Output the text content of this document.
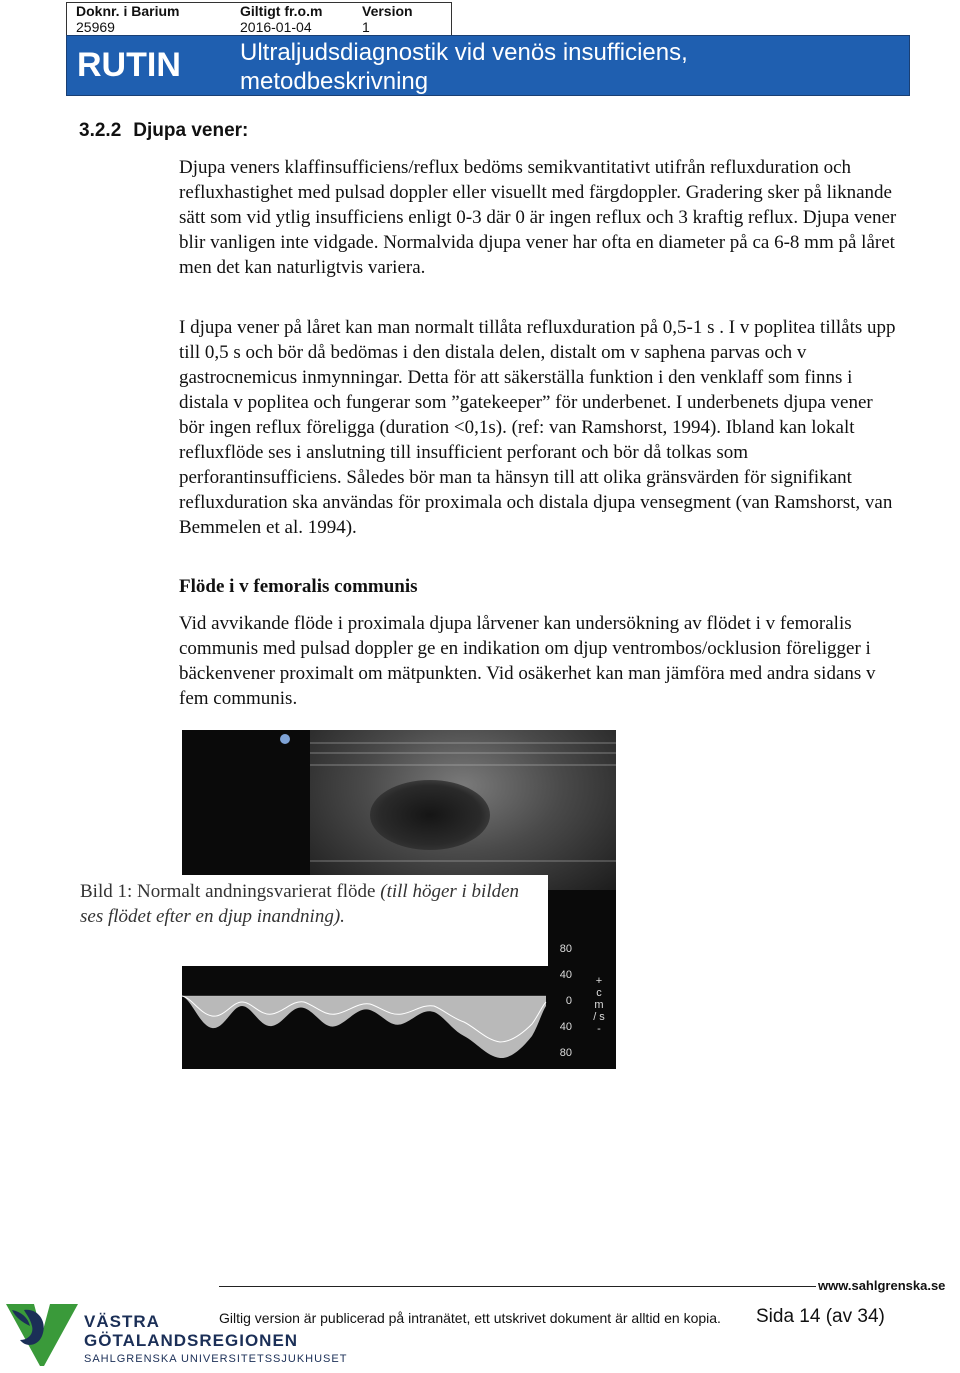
Doknr. i Barium
25969
Giltigt fr.o.m
2016-01-04
Version
1
RUTIN Ultraljudsdiagnostik vid venös insufficiens,
metodbeskrivning
3.2.2 Djupa vener:

Djupa veners klaffinsufficiens/reflux bedöms semikvantitativt utifrån refluxduration och refluxhastighet med pulsad doppler eller visuellt med färgdoppler. Gradering sker på liknande sätt som vid ytlig insufficiens enligt 0-3 där 0 är ingen reflux och 3 kraftig reflux. Djupa vener blir vanligen inte vidgade. Normalvida djupa vener har ofta en diameter på ca 6-8 mm på låret men det kan naturligtvis variera.

I djupa vener på låret kan man normalt tillåta refluxduration på 0,5-1 s . I v poplitea tillåts upp till 0,5 s och bör då bedömas i den distala delen, distalt om v saphena parvas och v gastrocnemicus inmynningar. Detta för att säkerställa funktion i den venklaff som finns i distala v poplitea och fungerar som ”gatekeeper” för underbenet. I underbenets djupa vener bör ingen reflux föreligga (duration <0,1s). (ref: van Ramshorst, 1994). Ibland kan lokalt refluxflöde ses i anslutning till insufficient perforant och bör då tolkas som perforantinsufficiens. Således bör man ta hänsyn till att olika gränsvärden för signifikant refluxduration ska användas för proximala och distala djupa vensegment (van Ramshorst, van Bemmelen et al. 1994).

Flöde i v femoralis communis

Vid avvikande flöde i proximala djupa lårvener kan undersökning av flödet i v femoralis communis med pulsad doppler ge en indikation om djup ventrombos/ocklusion föreligger i bäckenvener proximalt om mätpunkten. Vid osäkerhet kan man jämföra med andra sidans v fem communis.

Bild 1: Normalt andningsvarierat flöde (till höger i bilden ses flödet efter en djup inandning).

80
40
0
40
80
+ c m / s -
www.sahlgrenska.se
VÄSTRA
GÖTALANDSREGIONEN
SAHLGRENSKA UNIVERSITETSSJUKHUSET
Giltig version är publicerad på intranätet, ett utskrivet dokument är alltid en kopia. Sida 14 (av 34)
